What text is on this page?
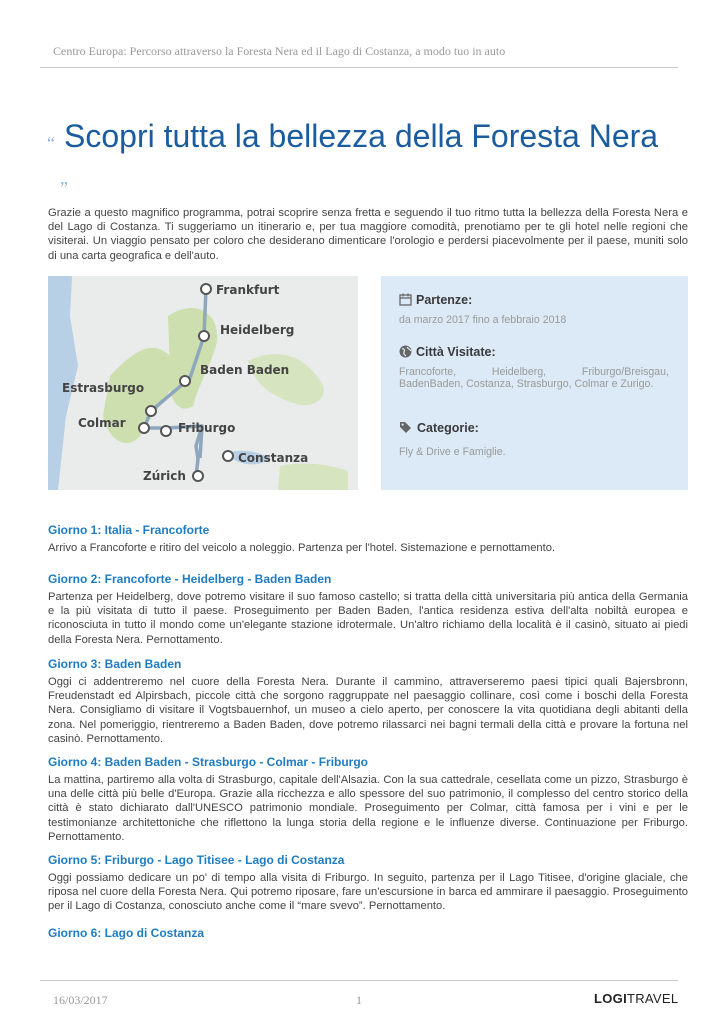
Centro Europa: Percorso attraverso la Foresta Nera ed il Lago di Costanza, a modo tuo in auto
“ Scopri tutta la bellezza della Foresta Nera
”

Grazie a questo magnifico programma, potrai scoprire senza fretta e seguendo il tuo ritmo tutta la bellezza della Foresta Nera e del Lago di Costanza. Ti suggeriamo un itinerario e, per tua maggiore comodità, prenotiamo per te gli hotel nelle regioni che visiterai. Un viaggio pensato per coloro che desiderano dimenticare l'orologio e perdersi piacevolmente per il paese, muniti solo di una carta geografica e dell'auto.

Frankfurt
Heidelberg
Baden Baden
Estrasburgo
Colmar	Friburgo
Constanza
Zúrich
Partenze:
da marzo 2017 fino a febbraio 2018
Città Visitate:
Francoforte, Heidelberg, Friburgo/Breisgau, BadenBaden, Costanza, Strasburgo, Colmar e Zurigo.
Categorie:
Fly & Drive e Famiglie.
Giorno 1: Italia - Francoforte

Arrivo a Francoforte e ritiro del veicolo a noleggio. Partenza per l'hotel. Sistemazione e pernottamento.

Giorno 2: Francoforte - Heidelberg - Baden Baden

Partenza per Heidelberg, dove potremo visitare il suo famoso castello; si tratta della città universitaria più antica della Germania e la più visitata di tutto il paese. Proseguimento per Baden Baden, l'antica residenza estiva dell'alta nobiltà europea e riconosciuta in tutto il mondo come un'elegante stazione idrotermale. Un'altro richiamo della località è il casinò, situato ai piedi della Foresta Nera. Pernottamento.

Giorno 3: Baden Baden

Oggi ci addentreremo nel cuore della Foresta Nera. Durante il cammino, attraverseremo paesi tipici quali Bajersbronn, Freudenstadt ed Alpirsbach, piccole città che sorgono raggruppate nel paesaggio collinare, così come i boschi della Foresta Nera. Consigliamo di visitare il Vogtsbauernhof, un museo a cielo aperto, per conoscere la vita quotidiana degli abitanti della zona. Nel pomeriggio, rientreremo a Baden Baden, dove potremo rilassarci nei bagni termali della città e provare la fortuna nel casinò. Pernottamento.

Giorno 4: Baden Baden - Strasburgo - Colmar - Friburgo

La mattina, partiremo alla volta di Strasburgo, capitale dell'Alsazia. Con la sua cattedrale, cesellata come un pizzo, Strasburgo è una delle città più belle d'Europa. Grazie alla ricchezza e allo spessore del suo patrimonio, il complesso del centro storico della città è stato dichiarato dall'UNESCO patrimonio mondiale. Proseguimento per Colmar, città famosa per i vini e per le testimonianze architettoniche che riflettono la lunga storia della regione e le influenze diverse. Continuazione per Friburgo. Pernottamento.

Giorno 5: Friburgo - Lago Titisee - Lago di Costanza

Oggi possiamo dedicare un po' di tempo alla visita di Friburgo. In seguito, partenza per il Lago Titisee, d'origine glaciale, che riposa nel cuore della Foresta Nera. Qui potremo riposare, fare un'escursione in barca ed ammirare il paesaggio. Proseguimento per il Lago di Costanza, conosciuto anche come il “mare svevo”. Pernottamento.

Giorno 6: Lago di Costanza
16/03/2017	1	LOGITRAVEL
